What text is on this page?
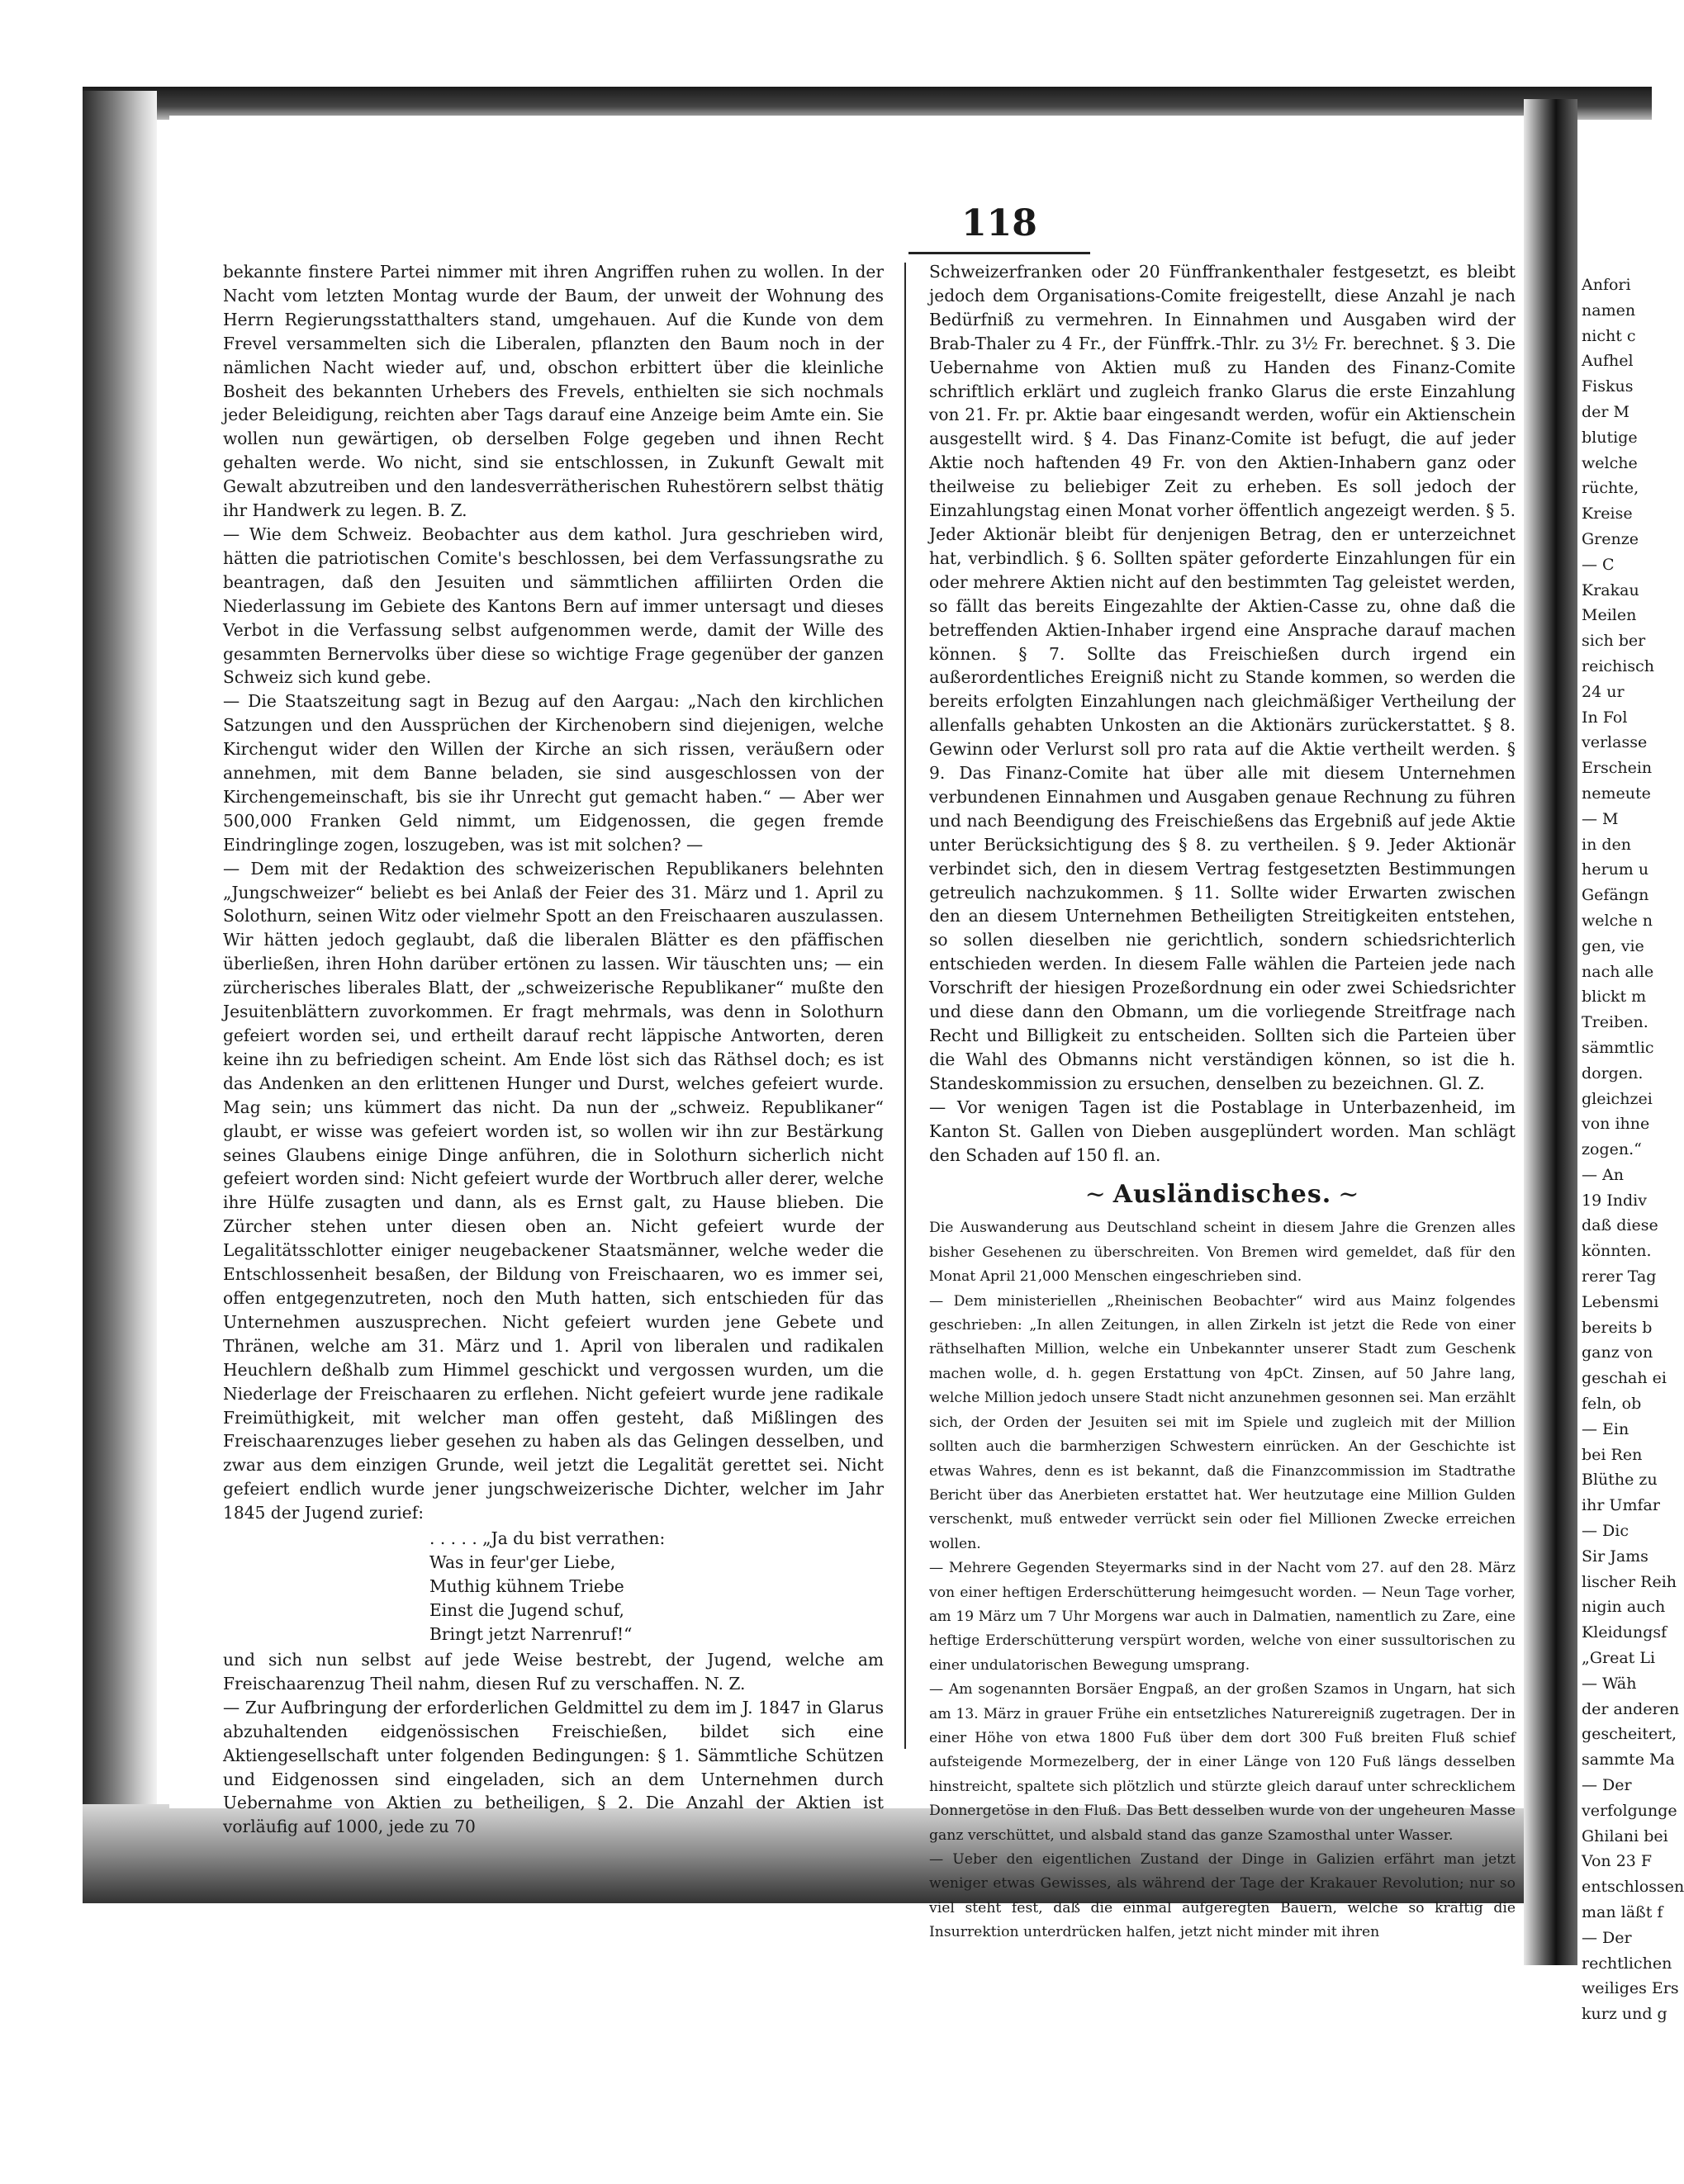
118

bekannte finstere Partei nimmer mit ihren Angriffen ruhen zu wollen. In der Nacht vom letzten Montag wurde der Baum, der unweit der Wohnung des Herrn Regierungsstatthalters stand, umgehauen. Auf die Kunde von dem Frevel versammelten sich die Liberalen, pflanzten den Baum noch in der nämlichen Nacht wieder auf, und, obschon erbittert über die kleinliche Bosheit des bekannten Urhebers des Frevels, enthielten sie sich nochmals jeder Beleidigung, reichten aber Tags darauf eine Anzeige beim Amte ein. Sie wollen nun gewärtigen, ob derselben Folge gegeben und ihnen Recht gehalten werde. Wo nicht, sind sie entschlossen, in Zukunft Gewalt mit Gewalt abzutreiben und den landesverrätherischen Ruhestörern selbst thätig ihr Handwerk zu legen. B. Z.

— Wie dem Schweiz. Beobachter aus dem kathol. Jura geschrieben wird, hätten die patriotischen Comite's beschlossen, bei dem Verfassungsrathe zu beantragen, daß den Jesuiten und sämmtlichen affiliirten Orden die Niederlassung im Gebiete des Kantons Bern auf immer untersagt und dieses Verbot in die Verfassung selbst aufgenommen werde, damit der Wille des gesammten Bernervolks über diese so wichtige Frage gegenüber der ganzen Schweiz sich kund gebe.

— Die Staatszeitung sagt in Bezug auf den Aargau: „Nach den kirchlichen Satzungen und den Aussprüchen der Kirchenobern sind diejenigen, welche Kirchengut wider den Willen der Kirche an sich rissen, veräußern oder annehmen, mit dem Banne beladen, sie sind ausgeschlossen von der Kirchengemeinschaft, bis sie ihr Unrecht gut gemacht haben.“ — Aber wer 500,000 Franken Geld nimmt, um Eidgenossen, die gegen fremde Eindringlinge zogen, loszugeben, was ist mit solchen? —

— Dem mit der Redaktion des schweizerischen Republikaners belehnten „Jungschweizer“ beliebt es bei Anlaß der Feier des 31. März und 1. April zu Solothurn, seinen Witz oder vielmehr Spott an den Freischaaren auszulassen. Wir hätten jedoch geglaubt, daß die liberalen Blätter es den pfäffischen überließen, ihren Hohn darüber ertönen zu lassen. Wir täuschten uns; — ein zürcherisches liberales Blatt, der „schweizerische Republikaner“ mußte den Jesuitenblättern zuvorkommen. Er fragt mehrmals, was denn in Solothurn gefeiert worden sei, und ertheilt darauf recht läppische Antworten, deren keine ihn zu befriedigen scheint. Am Ende löst sich das Räthsel doch; es ist das Andenken an den erlittenen Hunger und Durst, welches gefeiert wurde. Mag sein; uns kümmert das nicht. Da nun der „schweiz. Republikaner“ glaubt, er wisse was gefeiert worden ist, so wollen wir ihn zur Bestärkung seines Glaubens einige Dinge anführen, die in Solothurn sicherlich nicht gefeiert worden sind: Nicht gefeiert wurde der Wortbruch aller derer, welche ihre Hülfe zusagten und dann, als es Ernst galt, zu Hause blieben. Die Zürcher stehen unter diesen oben an. Nicht gefeiert wurde der Legalitätsschlotter einiger neugebackener Staatsmänner, welche weder die Entschlossenheit besaßen, der Bildung von Freischaaren, wo es immer sei, offen entgegenzutreten, noch den Muth hatten, sich entschieden für das Unternehmen auszusprechen. Nicht gefeiert wurden jene Gebete und Thränen, welche am 31. März und 1. April von liberalen und radikalen Heuchlern deßhalb zum Himmel geschickt und vergossen wurden, um die Niederlage der Freischaaren zu erflehen. Nicht gefeiert wurde jene radikale Freimüthigkeit, mit welcher man offen gesteht, daß Mißlingen des Freischaarenzuges lieber gesehen zu haben als das Gelingen desselben, und zwar aus dem einzigen Grunde, weil jetzt die Legalität gerettet sei. Nicht gefeiert endlich wurde jener jungschweizerische Dichter, welcher im Jahr 1845 der Jugend zurief:

. . . . . „Ja du bist verrathen:
Was in feur'ger Liebe,
Muthig kühnem Triebe
Einst die Jugend schuf,
Bringt jetzt Narrenruf!“

und sich nun selbst auf jede Weise bestrebt, der Jugend, welche am Freischaarenzug Theil nahm, diesen Ruf zu verschaffen. N. Z.

— Zur Aufbringung der erforderlichen Geldmittel zu dem im J. 1847 in Glarus abzuhaltenden eidgenössischen Freischießen, bildet sich eine Aktiengesellschaft unter folgenden Bedingungen: § 1. Sämmtliche Schützen und Eidgenossen sind eingeladen, sich an dem Unternehmen durch Uebernahme von Aktien zu betheiligen, § 2. Die Anzahl der Aktien ist vorläufig auf 1000, jede zu 70

Schweizerfranken oder 20 Fünffrankenthaler festgesetzt, es bleibt jedoch dem Organisations-Comite freigestellt, diese Anzahl je nach Bedürfniß zu vermehren. In Einnahmen und Ausgaben wird der Brab-Thaler zu 4 Fr., der Fünffrk.-Thlr. zu 3½ Fr. berechnet. § 3. Die Uebernahme von Aktien muß zu Handen des Finanz-Comite schriftlich erklärt und zugleich franko Glarus die erste Einzahlung von 21. Fr. pr. Aktie baar eingesandt werden, wofür ein Aktienschein ausgestellt wird. § 4. Das Finanz-Comite ist befugt, die auf jeder Aktie noch haftenden 49 Fr. von den Aktien-Inhabern ganz oder theilweise zu beliebiger Zeit zu erheben. Es soll jedoch der Einzahlungstag einen Monat vorher öffentlich angezeigt werden. § 5. Jeder Aktionär bleibt für denjenigen Betrag, den er unterzeichnet hat, verbindlich. § 6. Sollten später geforderte Einzahlungen für ein oder mehrere Aktien nicht auf den bestimmten Tag geleistet werden, so fällt das bereits Eingezahlte der Aktien-Casse zu, ohne daß die betreffenden Aktien-Inhaber irgend eine Ansprache darauf machen können. § 7. Sollte das Freischießen durch irgend ein außerordentliches Ereigniß nicht zu Stande kommen, so werden die bereits erfolgten Einzahlungen nach gleichmäßiger Vertheilung der allenfalls gehabten Unkosten an die Aktionärs zurückerstattet. § 8. Gewinn oder Verlurst soll pro rata auf die Aktie vertheilt werden. § 9. Das Finanz-Comite hat über alle mit diesem Unternehmen verbundenen Einnahmen und Ausgaben genaue Rechnung zu führen und nach Beendigung des Freischießens das Ergebniß auf jede Aktie unter Berücksichtigung des § 8. zu vertheilen. § 9. Jeder Aktionär verbindet sich, den in diesem Vertrag festgesetzten Bestimmungen getreulich nachzukommen. § 11. Sollte wider Erwarten zwischen den an diesem Unternehmen Betheiligten Streitigkeiten entstehen, so sollen dieselben nie gerichtlich, sondern schiedsrichterlich entschieden werden. In diesem Falle wählen die Parteien jede nach Vorschrift der hiesigen Prozeßordnung ein oder zwei Schiedsrichter und diese dann den Obmann, um die vorliegende Streitfrage nach Recht und Billigkeit zu entscheiden. Sollten sich die Parteien über die Wahl des Obmanns nicht verständigen können, so ist die h. Standeskommission zu ersuchen, denselben zu bezeichnen. Gl. Z.

— Vor wenigen Tagen ist die Postablage in Unterbazenheid, im Kanton St. Gallen von Dieben ausgeplündert worden. Man schlägt den Schaden auf 150 fl. an.

~ Ausländisches. ~

Die Auswanderung aus Deutschland scheint in diesem Jahre die Grenzen alles bisher Gesehenen zu überschreiten. Von Bremen wird gemeldet, daß für den Monat April 21,000 Menschen eingeschrieben sind.

— Dem ministeriellen „Rheinischen Beobachter“ wird aus Mainz folgendes geschrieben: „In allen Zeitungen, in allen Zirkeln ist jetzt die Rede von einer räthselhaften Million, welche ein Unbekannter unserer Stadt zum Geschenk machen wolle, d. h. gegen Erstattung von 4pCt. Zinsen, auf 50 Jahre lang, welche Million jedoch unsere Stadt nicht anzunehmen gesonnen sei. Man erzählt sich, der Orden der Jesuiten sei mit im Spiele und zugleich mit der Million sollten auch die barmherzigen Schwestern einrücken. An der Geschichte ist etwas Wahres, denn es ist bekannt, daß die Finanzcommission im Stadtrathe Bericht über das Anerbieten erstattet hat. Wer heutzutage eine Million Gulden verschenkt, muß entweder verrückt sein oder fiel Millionen Zwecke erreichen wollen.

— Mehrere Gegenden Steyermarks sind in der Nacht vom 27. auf den 28. März von einer heftigen Erderschütterung heimgesucht worden. — Neun Tage vorher, am 19 März um 7 Uhr Morgens war auch in Dalmatien, namentlich zu Zare, eine heftige Erderschütterung verspürt worden, welche von einer sussultorischen zu einer undulatorischen Bewegung umsprang.

— Am sogenannten Borsäer Engpaß, an der großen Szamos in Ungarn, hat sich am 13. März in grauer Frühe ein entsetzliches Naturereigniß zugetragen. Der in einer Höhe von etwa 1800 Fuß über dem dort 300 Fuß breiten Fluß schief aufsteigende Mormezelberg, der in einer Länge von 120 Fuß längs desselben hinstreicht, spaltete sich plötzlich und stürzte gleich darauf unter schrecklichem Donnergetöse in den Fluß. Das Bett desselben wurde von der ungeheuren Masse ganz verschüttet, und alsbald stand das ganze Szamosthal unter Wasser.

— Ueber den eigentlichen Zustand der Dinge in Galizien erfährt man jetzt weniger etwas Gewisses, als während der Tage der Krakauer Revolution; nur so viel steht fest, daß die einmal aufgeregten Bauern, welche so kräftig die Insurrektion unterdrücken halfen, jetzt nicht minder mit ihren

Anfori
namen
nicht c
Aufhel
Fiskus
der M
blutige
welche
rüchte,
Kreise
Grenze
— C
Krakau
Meilen
sich ber
reichisch
24 ur
In Fol
verlasse
Erschein
nemeute
— M
in den
herum u
Gefängn
welche n
gen, vie
nach alle
blickt m
Treiben.
sämmtlic
dorgen.
gleichzei
von ihne
zogen.“
— An
19 Indiv
daß diese
könnten.
rerer Tag
Lebensmi
bereits b
ganz von
geschah ei
feln, ob
— Ein
bei Ren
Blüthe zu
ihr Umfar
— Dic
Sir Jams
lischer Reih
nigin auch
Kleidungsf
„Great Li
— Wäh
der anderen
gescheitert,
sammte Ma
— Der
verfolgunge
Ghilani bei
Von 23 F
entschlossen
man läßt f
— Der
rechtlichen
weiliges Ers
kurz und g
